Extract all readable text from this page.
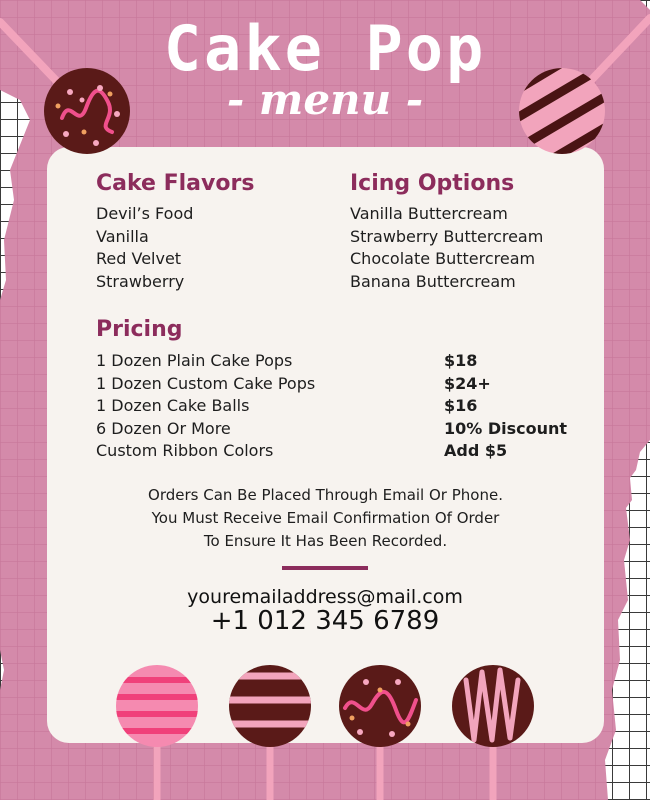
Cake Pop
- menu -
Cake Flavors
Devil’s Food
Vanilla
Red Velvet
Strawberry
Icing Options
Vanilla Buttercream
Strawberry Buttercream
Chocolate Buttercream
Banana Buttercream
Pricing
1 Dozen Plain Cake Pops
1 Dozen Custom Cake Pops
1 Dozen Cake Balls
6 Dozen Or More
Custom Ribbon Colors
$18
$24+
$16
10% Discount
Add $5

Orders Can Be Placed Through Email Or Phone.
You Must Receive Email Confirmation Of Order
To Ensure It Has Been Recorded.

youremailaddress@mail.com
+1 012 345 6789
